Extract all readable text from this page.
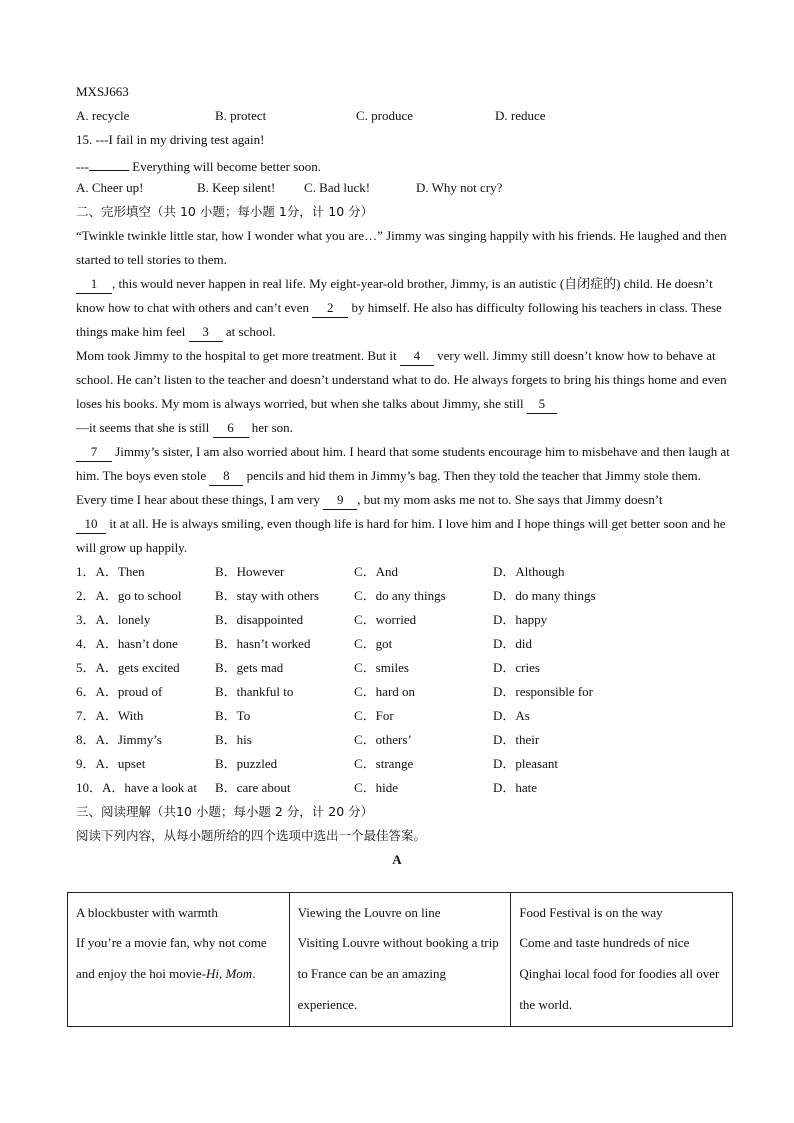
MXSJ663
A. recycle	B. protect	C. produce	D. reduce
15. ---I fail in my driving test again!
---	Everything will become better soon.
A. Cheer up!	B. Keep silent!	C. Bad luck!	D. Why not cry?
二、完形填空（共 10 小题；每小题 1分，计 10 分）
“Twinkle twinkle little star, how I wonder what you are…” Jimmy was singing happily with his friends. He laughed and then started to tell stories to them.
1 , this would never happen in real life. My eight-year-old brother, Jimmy, is an autistic (自闭症的) child. He doesn’t know how to chat with others and can’t even 2 by himself. He also has difficulty following his teachers in class. These things make him feel 3 at school.
Mom took Jimmy to the hospital to get more treatment. But it 4 very well. Jimmy still doesn’t know how to behave at school. He can’t listen to the teacher and doesn’t understand what to do. He always forgets to bring his things home and even loses his books. My mom is always worried, but when she talks about Jimmy, she still 5
—it seems that she is still 6 her son.
7 Jimmy’s sister, I am also worried about him. I heard that some students encourage him to misbehave and then laugh at him. The boys even stole 8 pencils and hid them in Jimmy’s bag. Then they told the teacher that Jimmy stole them.
Every time I hear about these things, I am very 9 , but my mom asks me not to. She says that Jimmy doesn’t
10 it at all. He is always smiling, even though life is hard for him. I love him and I hope things will get better soon and he will grow up happily.
1．A．Then	B．However	C．And	D．Although
2．A．go to school	B．stay with others	C．do any things	D．do many things
3．A．lonely	B．disappointed	C．worried	D．happy
4．A．hasn’t done	B．hasn’t worked	C．got	D．did
5．A．gets excited	B．gets mad	C．smiles	D．cries
6．A．proud of	B．thankful to	C．hard on	D．responsible for
7．A．With	B．To	C．For	D．As
8．A．Jimmy’s	B．his	C．others’	D．their
9．A．upset	B．puzzled	C．strange	D．pleasant
10．A．have a look at	B．care about	C．hide	D．hate
三、阅读理解（共10 小题；每小题 2 分，计 20 分）
阅读下列内容，从每小题所给的四个选项中选出一个最佳答案。
A
A blockbuster with warmth
If you’re a movie fan, why not come and enjoy the hoi movie-Hi, Mom.

Viewing the Louvre on line
Visiting Louvre without booking a trip to France can be an amazing experience.

Food Festival is on the way
Come and taste hundreds of nice Qinghai local food for foodies all over the world.
